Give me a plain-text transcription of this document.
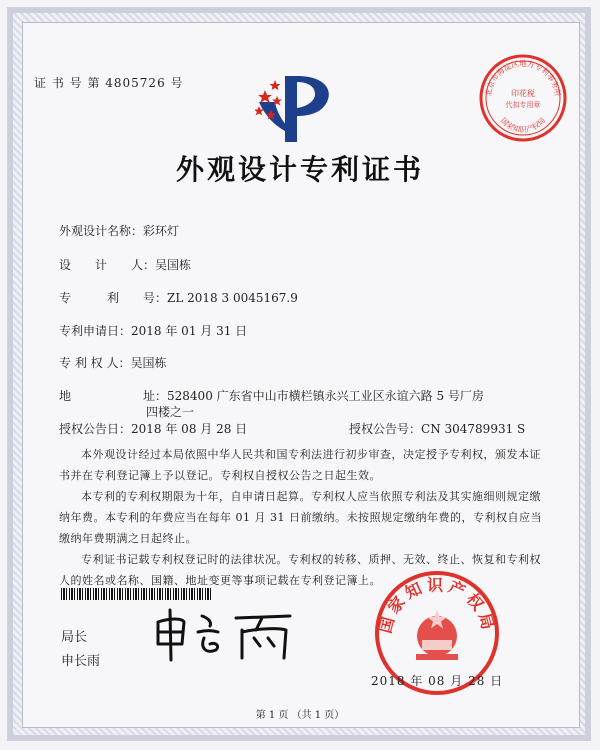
证 书 号 第 4805726 号
北京市海淀区地方专利事务所
印花税
代扣专用章
国家知识产权局
外观设计专利证书
外观设计名称：彩环灯
设　　计　　人：吴国栋
专　　　利　　号：ZL 2018 3 0045167.9
专利申请日：2018 年 01 月 31 日
专 利 权 人：吴国栋
地　　　　　　址：528400 广东省中山市横栏镇永兴工业区永谊六路 5 号厂房
四楼之一
授权公告日：2018 年 08 月 28 日	授权公告号：CN 304789931 S

本外观设计经过本局依照中华人民共和国专利法进行初步审查，决定授予专利权，颁发本证书并在专利登记簿上予以登记。专利权自授权公告之日起生效。

本专利的专利权期限为十年，自申请日起算。专利权人应当依照专利法及其实施细则规定缴纳年费。本专利的年费应当在每年 01 月 31 日前缴纳。未按照规定缴纳年费的，专利权自应当缴纳年费期满之日起终止。

专利证书记载专利权登记时的法律状况。专利权的转移、质押、无效、终止、恢复和专利权人的姓名或名称、国籍、地址变更等事项记载在专利登记簿上。

局长
申长雨
国家知识产权局
2018 年 08 月 28 日
第 1 页 （共 1 页）
